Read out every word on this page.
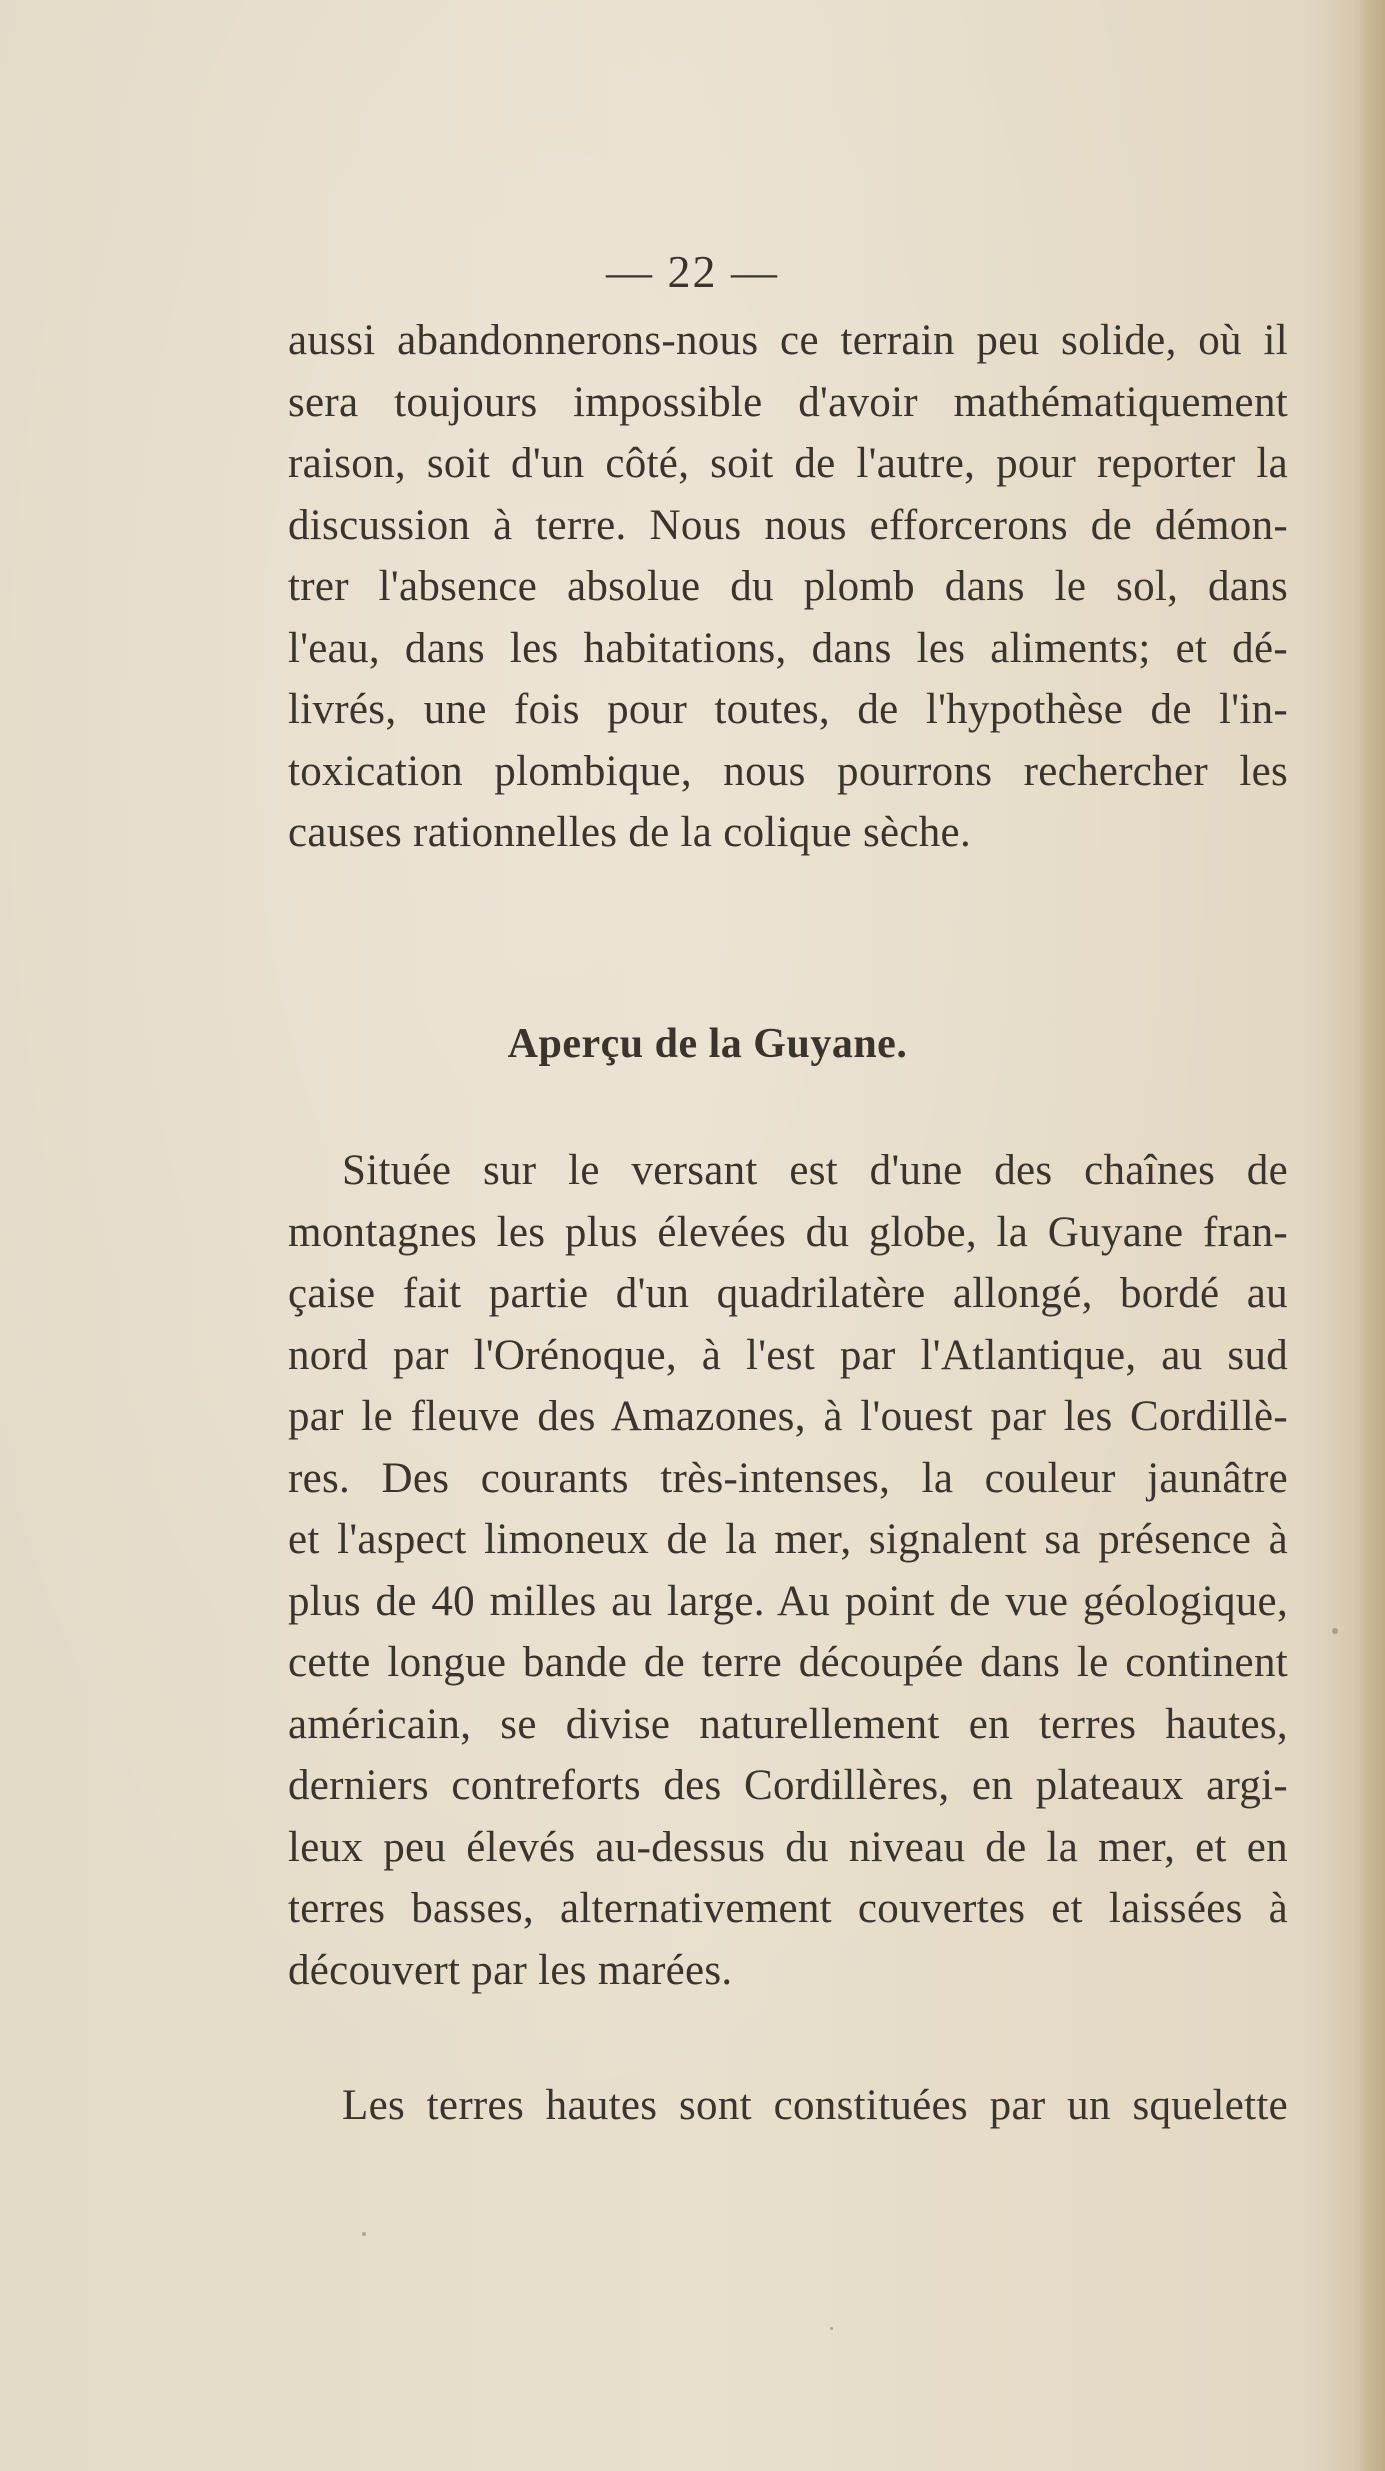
— 22 —
aussi abandonnerons-nous ce terrain peu solide, où il
sera toujours impossible d'avoir mathématiquement
raison, soit d'un côté, soit de l'autre, pour reporter la
discussion à terre. Nous nous efforcerons de démon-
trer l'absence absolue du plomb dans le sol, dans
l'eau, dans les habitations, dans les aliments; et dé-
livrés, une fois pour toutes, de l'hypothèse de l'in-
toxication plombique, nous pourrons rechercher les
causes rationnelles de la colique sèche.
Aperçu de la Guyane.
Située sur le versant est d'une des chaînes de
montagnes les plus élevées du globe, la Guyane fran-
çaise fait partie d'un quadrilatère allongé, bordé au
nord par l'Orénoque, à l'est par l'Atlantique, au sud
par le fleuve des Amazones, à l'ouest par les Cordillè-
res. Des courants très-intenses, la couleur jaunâtre
et l'aspect limoneux de la mer, signalent sa présence à
plus de 40 milles au large. Au point de vue géologique,
cette longue bande de terre découpée dans le continent
américain, se divise naturellement en terres hautes,
derniers contreforts des Cordillères, en plateaux argi-
leux peu élevés au-dessus du niveau de la mer, et en
terres basses, alternativement couvertes et laissées à
découvert par les marées.
Les terres hautes sont constituées par un squelette
